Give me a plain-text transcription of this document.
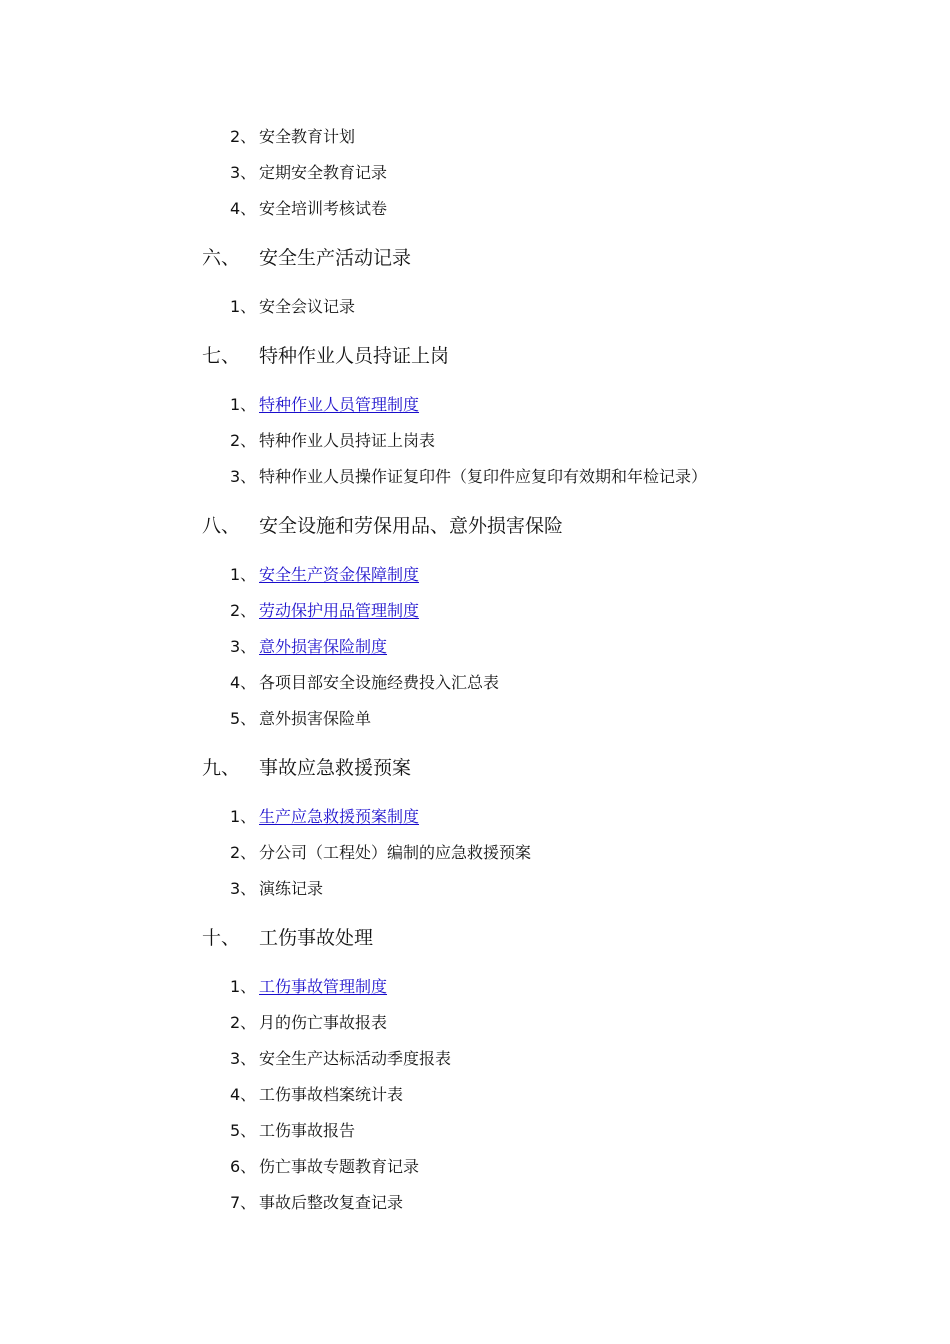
2、 安全教育计划
3、 定期安全教育记录
4、 安全培训考核试卷
六、 安全生产活动记录
1、 安全会议记录
七、 特种作业人员持证上岗
1、 特种作业人员管理制度
2、 特种作业人员持证上岗表
3、 特种作业人员操作证复印件（复印件应复印有效期和年检记录）
八、 安全设施和劳保用品、意外损害保险
1、 安全生产资金保障制度
2、 劳动保护用品管理制度
3、 意外损害保险制度
4、 各项目部安全设施经费投入汇总表
5、 意外损害保险单
九、 事故应急救援预案
1、 生产应急救援预案制度
2、 分公司（工程处）编制的应急救援预案
3、 演练记录
十、 工伤事故处理
1、 工伤事故管理制度
2、 月的伤亡事故报表
3、 安全生产达标活动季度报表
4、 工伤事故档案统计表
5、 工伤事故报告
6、 伤亡事故专题教育记录
7、 事故后整改复查记录
